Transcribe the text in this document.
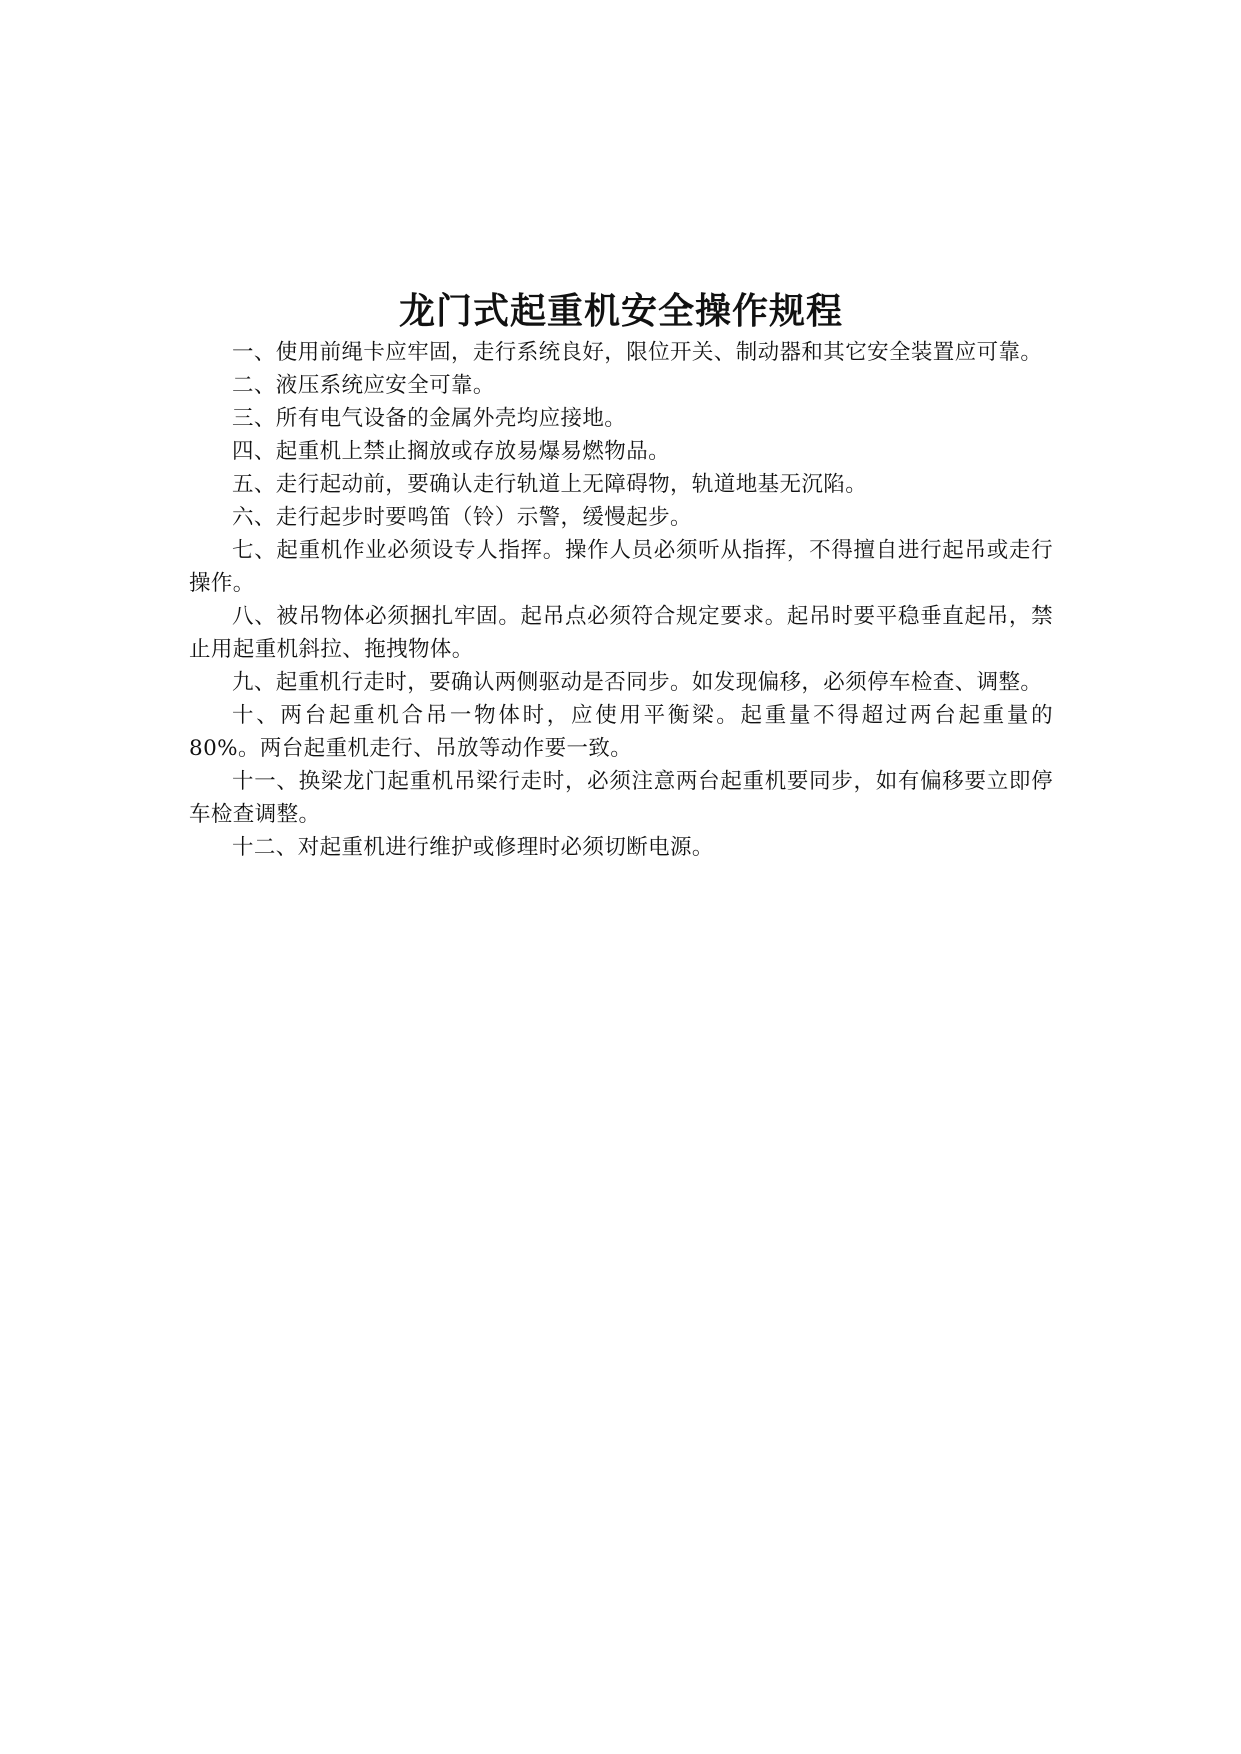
龙门式起重机安全操作规程

一、使用前绳卡应牢固，走行系统良好，限位开关、制动器和其它安全装置应可靠。

二、液压系统应安全可靠。

三、所有电气设备的金属外壳均应接地。

四、起重机上禁止搁放或存放易爆易燃物品。

五、走行起动前，要确认走行轨道上无障碍物，轨道地基无沉陷。

六、走行起步时要鸣笛（铃）示警，缓慢起步。

七、起重机作业必须设专人指挥。操作人员必须听从指挥，不得擅自进行起吊或走行操作。

八、被吊物体必须捆扎牢固。起吊点必须符合规定要求。起吊时要平稳垂直起吊，禁止用起重机斜拉、拖拽物体。

九、起重机行走时，要确认两侧驱动是否同步。如发现偏移，必须停车检查、调整。

十、两台起重机合吊一物体时，应使用平衡梁。起重量不得超过两台起重量的 80%。两台起重机走行、吊放等动作要一致。

十一、换梁龙门起重机吊梁行走时，必须注意两台起重机要同步，如有偏移要立即停车检查调整。

十二、对起重机进行维护或修理时必须切断电源。
